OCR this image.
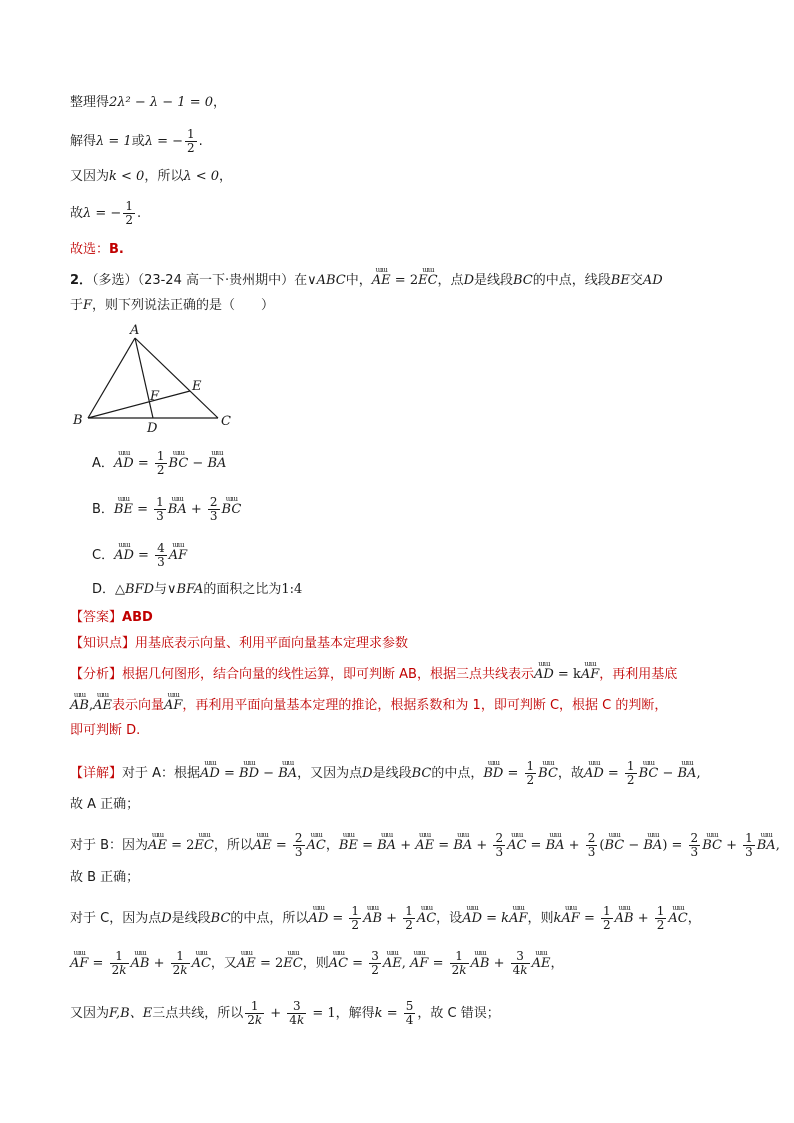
整理得2λ² − λ − 1 = 0，
解得λ = 1或λ = − $\frac{1}{2}$ .
又因为k < 0，所以λ < 0，
故λ = − $\frac{1}{2}$ .
故选：B.
2．（多选）（23-24 高一下·贵州期中）在∨ABC中，ɯɯ AE = 2ɯɯ EC，点D是线段BC的中点，线段BE交AD
于F，则下列说法正确的是（　　）
A
B	C
D
E
F
A．ɯɯ AD = $\frac{1}{2}$ ɯɯ BC − ɯɯ BA
B．ɯɯ BE = $\frac{1}{3}$ ɯɯ BA + $\frac{2}{3}$ ɯɯ BC
C．ɯɯ AD = $\frac{4}{3}$ ɯɯ AF
D．△BFD与∨BFA的面积之比为1:4
【答案】ABD
【知识点】用基底表示向量、利用平面向量基本定理求参数
【分析】根据几何图形，结合向量的线性运算，即可判断 AB，根据三点共线表示ɯɯ AD = kɯɯ AF，再利用基底
ɯɯ AB,ɯɯ AE表示向量ɯɯ AF，再利用平面向量基本定理的推论，根据系数和为 1，即可判断 C，根据 C 的判断，
即可判断 D.
【详解】对于 A：根据ɯɯ AD = ɯɯ BD − ɯɯ BA，又因为点D是线段BC的中点，ɯɯ BD = $\frac{1}{2}$ ɯɯ BC，故ɯɯ AD = $\frac{1}{2}$ ɯɯ BC − ɯɯ BA,
故 A 正确；
对于 B：因为ɯɯ AE = 2ɯɯ EC，所以ɯɯ AE = $\frac{2}{3}$ ɯɯ AC，ɯɯ BE = ɯɯ BA + ɯɯ AE = ɯɯ BA + $\frac{2}{3}$ ɯɯ AC = ɯɯ BA + $\frac{2}{3}$ (ɯɯ BC − ɯɯ $BA) = \frac{2}{3}$ ɯɯ BC + $\frac{1}{3}$ ɯɯ BA,
故 B 正确；
对于 C，因为点D是线段BC的中点，所以ɯɯ AD = $\frac{1}{2}$ ɯɯ AB + $\frac{1}{2}$ ɯɯ AC，设ɯɯ AD = kɯɯ AF，则kɯɯ AF = $\frac{1}{2}$ ɯɯ AB + $\frac{1}{2}$ ɯɯ AC，
ɯɯ AF = $\frac{1}{2k}$ ɯɯ AB + $\frac{1}{2k}$ ɯɯ AC，又ɯɯ AE = 2ɯɯ EC，则ɯɯ AC = $\frac{3}{2}$ ɯɯ AE, ɯɯ AF = $\frac{1}{2k}$ ɯɯ AB + $\frac{3}{4k}$ ɯɯ AE，
又因为F,B、E三点共线，所以 $\frac{1}{2k} + \frac{3}{4k} = 1$，解得$k = \frac{5}{4}$ ，故 C 错误；
